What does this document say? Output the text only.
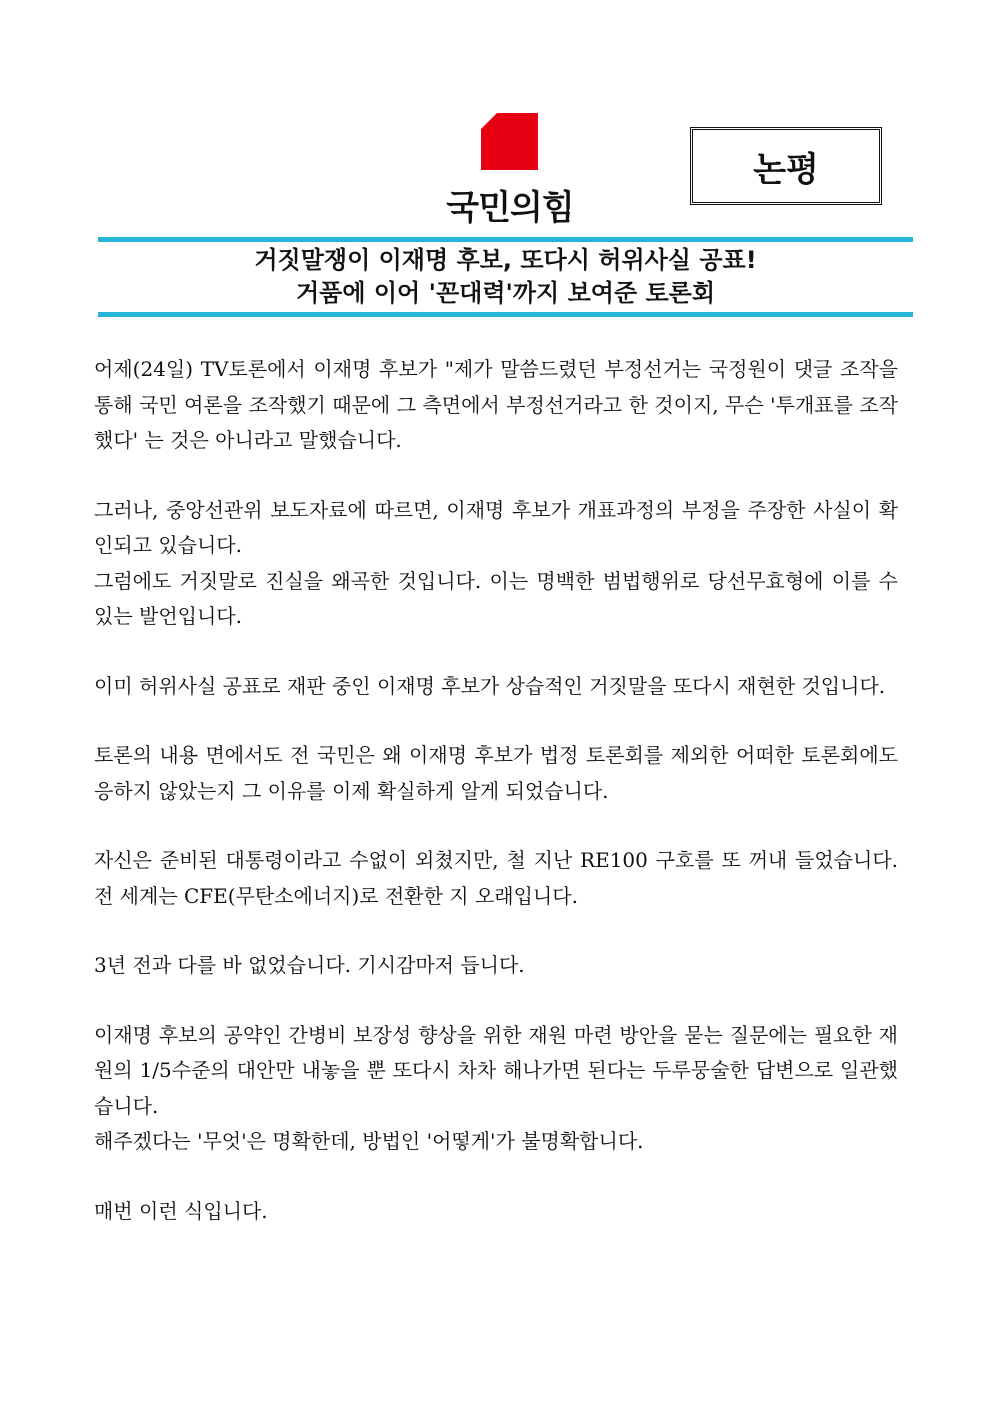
국민의힘
논평
거짓말쟁이 이재명 후보, 또다시 허위사실 공표!
거품에 이어 '꼰대력'까지 보여준 토론회

어제(24일) TV토론에서 이재명 후보가 "제가 말씀드렸던 부정선거는 국정원이 댓글 조작을 통해 국민 여론을 조작했기 때문에 그 측면에서 부정선거라고 한 것이지, 무슨 '투개표를 조작했다' 는 것은 아니라고 말했습니다.

그러나, 중앙선관위 보도자료에 따르면, 이재명 후보가 개표과정의 부정을 주장한 사실이 확인되고 있습니다.
그럼에도 거짓말로 진실을 왜곡한 것입니다. 이는 명백한 범법행위로 당선무효형에 이를 수 있는 발언입니다.

이미 허위사실 공표로 재판 중인 이재명 후보가 상습적인 거짓말을 또다시 재현한 것입니다.

토론의 내용 면에서도 전 국민은 왜 이재명 후보가 법정 토론회를 제외한 어떠한 토론회에도 응하지 않았는지 그 이유를 이제 확실하게 알게 되었습니다.

자신은 준비된 대통령이라고 수없이 외쳤지만, 철 지난 RE100 구호를 또 꺼내 들었습니다. 전 세계는 CFE(무탄소에너지)로 전환한 지 오래입니다.

3년 전과 다를 바 없었습니다. 기시감마저 듭니다.

이재명 후보의 공약인 간병비 보장성 향상을 위한 재원 마련 방안을 묻는 질문에는 필요한 재원의 1/5수준의 대안만 내놓을 뿐 또다시 차차 해나가면 된다는 두루뭉술한 답변으로 일관했습니다.
해주겠다는 '무엇'은 명확한데, 방법인 '어떻게'가 불명확합니다.

매번 이런 식입니다.
